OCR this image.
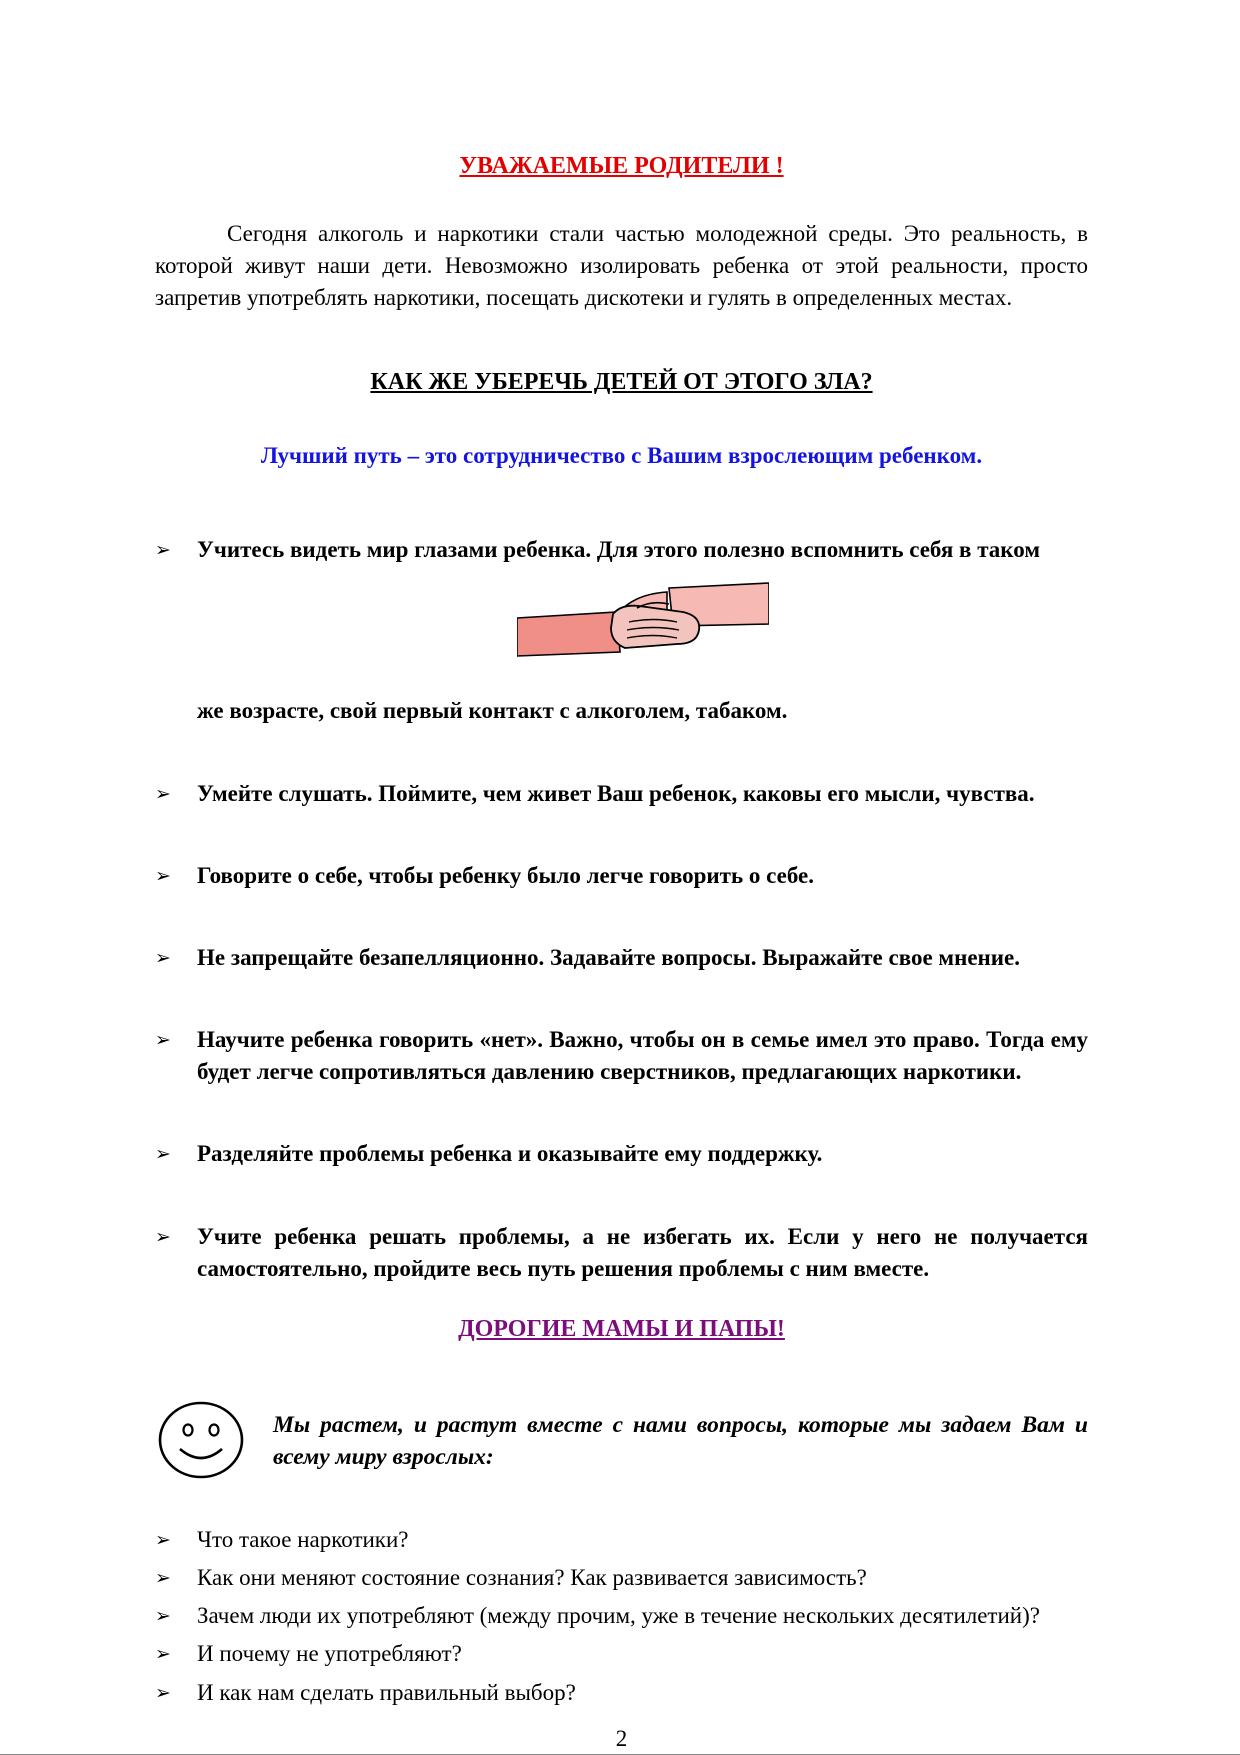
УВАЖАЕМЫЕ РОДИТЕЛИ !

Сегодня алкоголь и наркотики стали частью молодежной среды. Это реальность, в которой живут наши дети. Невозможно изолировать ребенка от этой реальности, просто запретив употреблять наркотики, посещать дискотеки и гулять в определенных местах.

КАК ЖЕ УБЕРЕЧЬ ДЕТЕЙ ОТ ЭТОГО ЗЛА?

Лучший путь – это сотрудничество с Вашим взрослеющим ребенком.

➢	Учитесь видеть мир глазами ребенка. Для этого полезно вспомнить себя в таком
же возрасте, свой первый контакт с алкоголем, табаком.
➢	Умейте слушать. Поймите, чем живет Ваш ребенок, каковы его мысли, чувства.
➢	Говорите о себе, чтобы ребенку было легче говорить о себе.
➢	Не запрещайте безапелляционно. Задавайте вопросы. Выражайте свое мнение.
➢	Научите ребенка говорить «нет». Важно, чтобы он в семье имел это право. Тогда ему будет легче сопротивляться давлению сверстников, предлагающих наркотики.
➢	Разделяйте проблемы ребенка и оказывайте ему поддержку.
➢	Учите ребенка решать проблемы, а не избегать их. Если у него не получается самостоятельно, пройдите весь путь решения проблемы с ним вместе.
ДОРОГИЕ МАМЫ И ПАПЫ!
Мы растем, и растут вместе с нами вопросы, которые мы задаем Вам и всему миру взрослых:
➢	Что такое наркотики?
➢	Как они меняют состояние сознания? Как развивается зависимость?
➢	Зачем люди их употребляют (между прочим, уже в течение нескольких десятилетий)?
➢	И почему не употребляют?
➢	И как нам сделать правильный выбор?
2
